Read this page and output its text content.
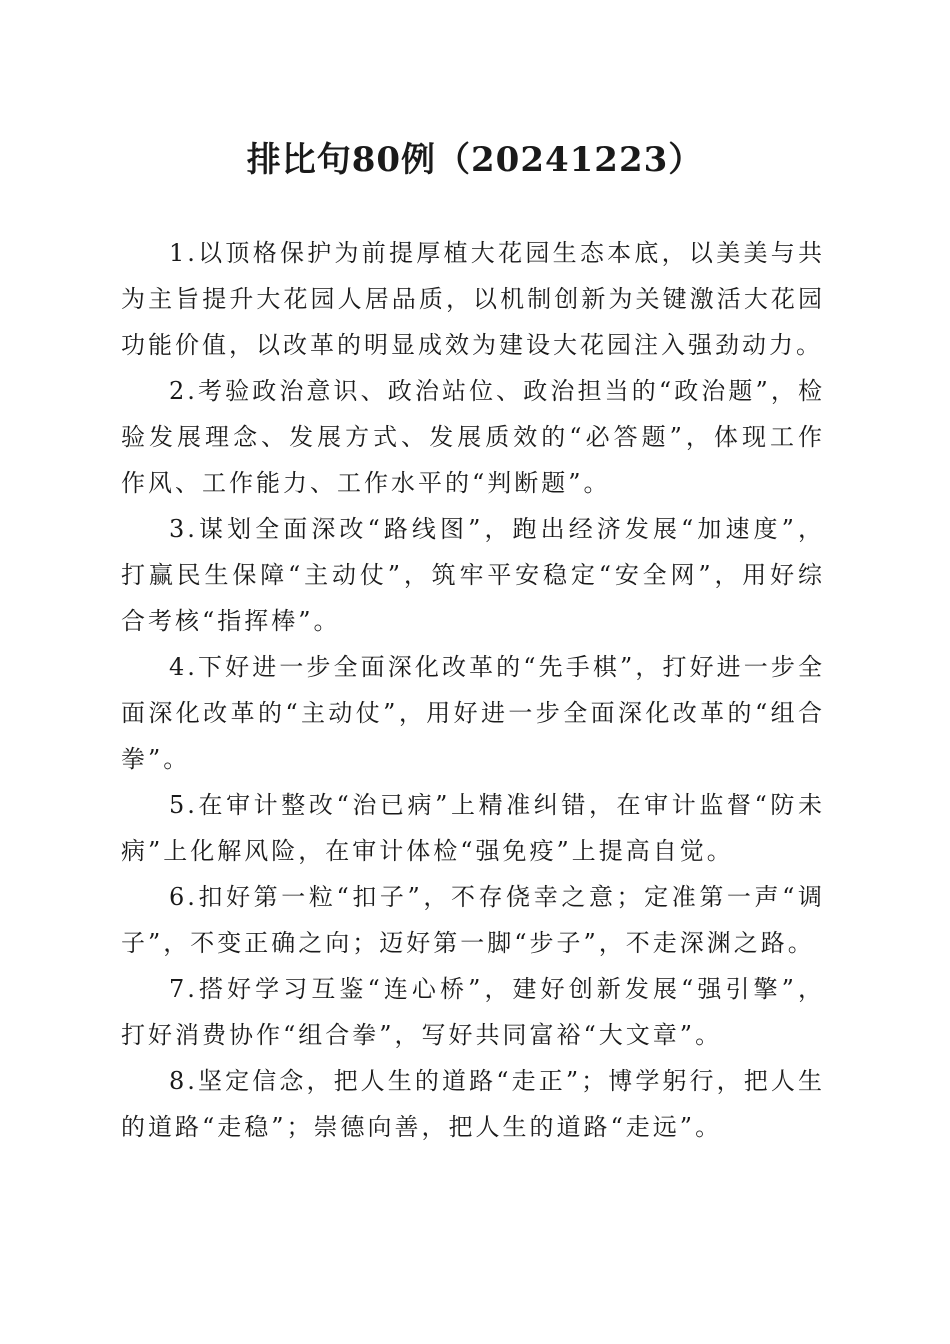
排比句80例（20241223）

1.以顶格保护为前提厚植大花园生态本底，以美美与共为主旨提升大花园人居品质，以机制创新为关键激活大花园功能价值，以改革的明显成效为建设大花园注入强劲动力。

2.考验政治意识、政治站位、政治担当的“政治题”，检验发展理念、发展方式、发展质效的“必答题”，体现工作作风、工作能力、工作水平的“判断题”。

3.谋划全面深改“路线图”，跑出经济发展“加速度”，打赢民生保障“主动仗”，筑牢平安稳定“安全网”，用好综合考核“指挥棒”。

4.下好进一步全面深化改革的“先手棋”，打好进一步全面深化改革的“主动仗”，用好进一步全面深化改革的“组合拳”。

5.在审计整改“治已病”上精准纠错，在审计监督“防未病”上化解风险，在审计体检“强免疫”上提高自觉。

6.扣好第一粒“扣子”，不存侥幸之意；定准第一声“调子”，不变正确之向；迈好第一脚“步子”，不走深渊之路。

7.搭好学习互鉴“连心桥”，建好创新发展“强引擎”，打好消费协作“组合拳”，写好共同富裕“大文章”。

8.坚定信念，把人生的道路“走正”；博学躬行，把人生的道路“走稳”；崇德向善，把人生的道路“走远”。
